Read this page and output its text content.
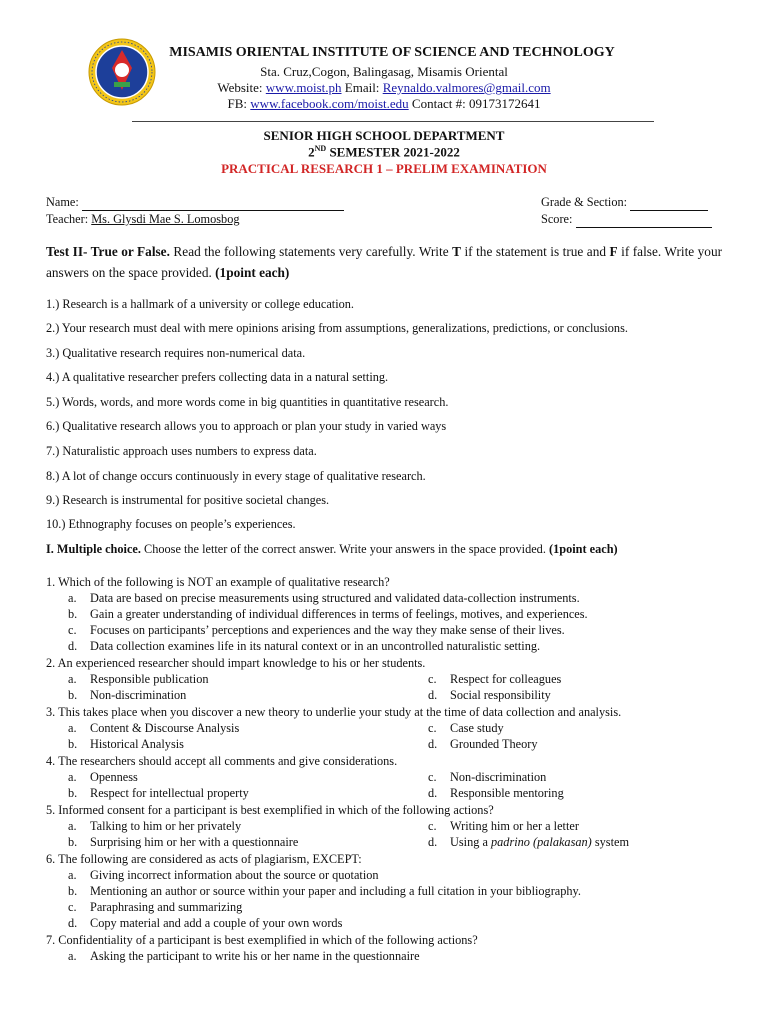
MISAMIS ORIENTAL INSTITUTE OF SCIENCE AND TECHNOLOGY
Sta. Cruz,Cogon, Balingasag, Misamis Oriental
Website: www.moist.ph Email: Reynaldo.valmores@gmail.com
FB: www.facebook.com/moist.edu Contact #: 09173172641
SENIOR HIGH SCHOOL DEPARTMENT
2ND SEMESTER 2021-2022
PRACTICAL RESEARCH 1 – PRELIM EXAMINATION
Name:
Teacher: Ms. Glysdi Mae S. Lomosbog
Grade & Section:
Score:
Test II- True or False. Read the following statements very carefully. Write T if the statement is true and F if false. Write your answers on the space provided. (1point each)
1.) Research is a hallmark of a university or college education.
2.) Your research must deal with mere opinions arising from assumptions, generalizations, predictions, or conclusions.
3.) Qualitative research requires non-numerical data.
4.) A qualitative researcher prefers collecting data in a natural setting.
5.) Words, words, and more words come in big quantities in quantitative research.
6.) Qualitative research allows you to approach or plan your study in varied ways
7.) Naturalistic approach uses numbers to express data.
8.) A lot of change occurs continuously in every stage of qualitative research.
9.) Research is instrumental for positive societal changes.
10.) Ethnography focuses on people’s experiences.
I. Multiple choice. Choose the letter of the correct answer. Write your answers in the space provided. (1point each)
1. Which of the following is NOT an example of qualitative research?
a. Data are based on precise measurements using structured and validated data-collection instruments.
b. Gain a greater understanding of individual differences in terms of feelings, motives, and experiences.
c. Focuses on participants’ perceptions and experiences and the way they make sense of their lives.
d. Data collection examines life in its natural context or in an uncontrolled naturalistic setting.
2. An experienced researcher should impart knowledge to his or her students.
a. Responsible publication
b. Non-discrimination
c. Respect for colleagues
d. Social responsibility
3. This takes place when you discover a new theory to underlie your study at the time of data collection and analysis.
a. Content & Discourse Analysis
b. Historical Analysis
c. Case study
d. Grounded Theory
4. The researchers should accept all comments and give considerations.
a. Openness
b. Respect for intellectual property
c. Non-discrimination
d. Responsible mentoring
5. Informed consent for a participant is best exemplified in which of the following actions?
a. Talking to him or her privately
b. Surprising him or her with a questionnaire
c. Writing him or her a letter
d. Using a padrino (palakasan) system
6. The following are considered as acts of plagiarism, EXCEPT:
a. Giving incorrect information about the source or quotation
b. Mentioning an author or source within your paper and including a full citation in your bibliography.
c. Paraphrasing and summarizing
d. Copy material and add a couple of your own words
7. Confidentiality of a participant is best exemplified in which of the following actions?
a. Asking the participant to write his or her name in the questionnaire
